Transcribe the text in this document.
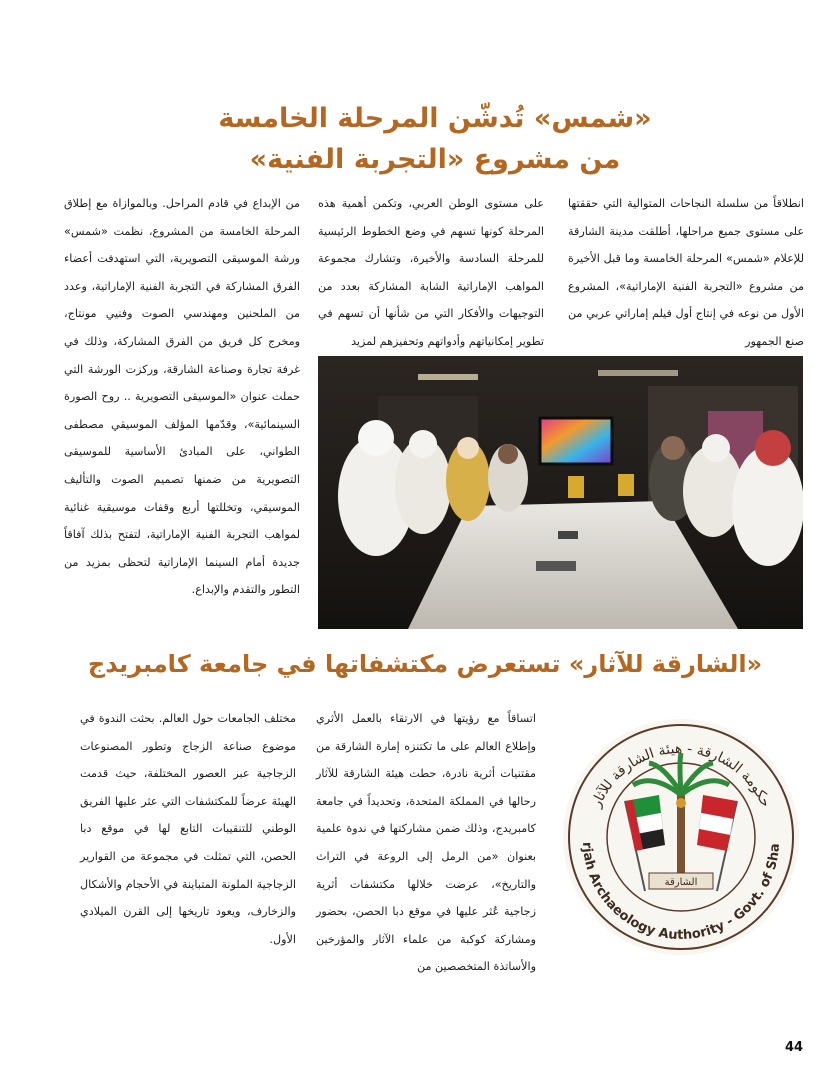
«شمس» تُدشّن المرحلة الخامسة
من مشروع «التجربة الفنية»

انطلاقاً من سلسلة النجاحات المتوالية التي حققتها على مستوى جميع مراحلها، أطلقت مدينة الشارقة للإعلام «شمس» المرحلة الخامسة وما قبل الأخيرة من مشروع «التجربة الفنية الإماراتية»، المشروع الأول من نوعه في إنتاج أول فيلم إماراتي عربي من صنع الجمهور

على مستوى الوطن العربي، وتكمن أهمية هذه المرحلة كونها تسهم في وضع الخطوط الرئيسية للمرحلة السادسة والأخيرة، وتشارك مجموعة المواهب الإماراتية الشابة المشاركة بعدد من التوجيهات والأفكار التي من شأنها أن تسهم في تطوير إمكانياتهم وأدواتهم وتحفيزهم لمزيد

من الإبداع في قادم المراحل. وبالموازاة مع إطلاق المرحلة الخامسة من المشروع، نظمت «شمس» ورشة الموسيقى التصويرية، التي استهدفت أعضاء الفرق المشاركة في التجربة الفنية الإماراتية، وعدد من الملحنين ومهندسي الصوت وفنيي مونتاج، ومخرج كل فريق من الفرق المشاركة، وذلك في غرفة تجارة وصناعة الشارقة، وركزت الورشة التي حملت عنوان «الموسيقى التصويرية .. روح الصورة السينمائية»، وقدّمها المؤلف الموسيقي مصطفى الطواني، على المبادئ الأساسية للموسيقى التصويرية من ضمنها تصميم الصوت والتأليف الموسيقي، وتخللتها أربع وقفات موسيقية غنائية لمواهب التجربة الفنية الإماراتية، لتفتح بذلك آفاقاً جديدة أمام السينما الإماراتية لتحظى بمزيد من التطور والتقدم والإبداع.

«الشارقة للآثار» تستعرض مكتشفاتها في جامعة كامبريدج

اتساقاً مع رؤيتها في الارتقاء بالعمل الأثري وإطلاع العالم على ما تكتنزه إمارة الشارقة من مقتنيات أثرية نادرة، حطت هيئة الشارقة للآثار رحالها في المملكة المتحدة، وتحديداً في جامعة كامبريدج، وذلك ضمن مشاركتها في ندوة علمية بعنوان «من الرمل إلى الروعة في التراث والتاريخ»، عرضت خلالها مكتشفات أثرية زجاجية عُثر عليها في موقع دبا الحصن، بحضور ومشاركة كوكبة من علماء الآثار والمؤرخين والأساتذة المتخصصين من

مختلف الجامعات حول العالم. بحثت الندوة في موضوع صناعة الزجاج وتطور المصنوعات الزجاجية عبر العصور المختلفة، حيث قدمت الهيئة عرضاً للمكتشفات التي عثر عليها الفريق الوطني للتنقيبات التابع لها في موقع دبا الحصن، التي تمثلت في مجموعة من القوارير الزجاجية الملونة المتباينة في الأحجام والأشكال والزخارف، ويعود تاريخها إلى القرن الميلادي الأول.

حكومة الشارقة - هيئة الشارقة للآثار
rjah Archaeology Authority - Govt. of Sha
الشارقة
44
